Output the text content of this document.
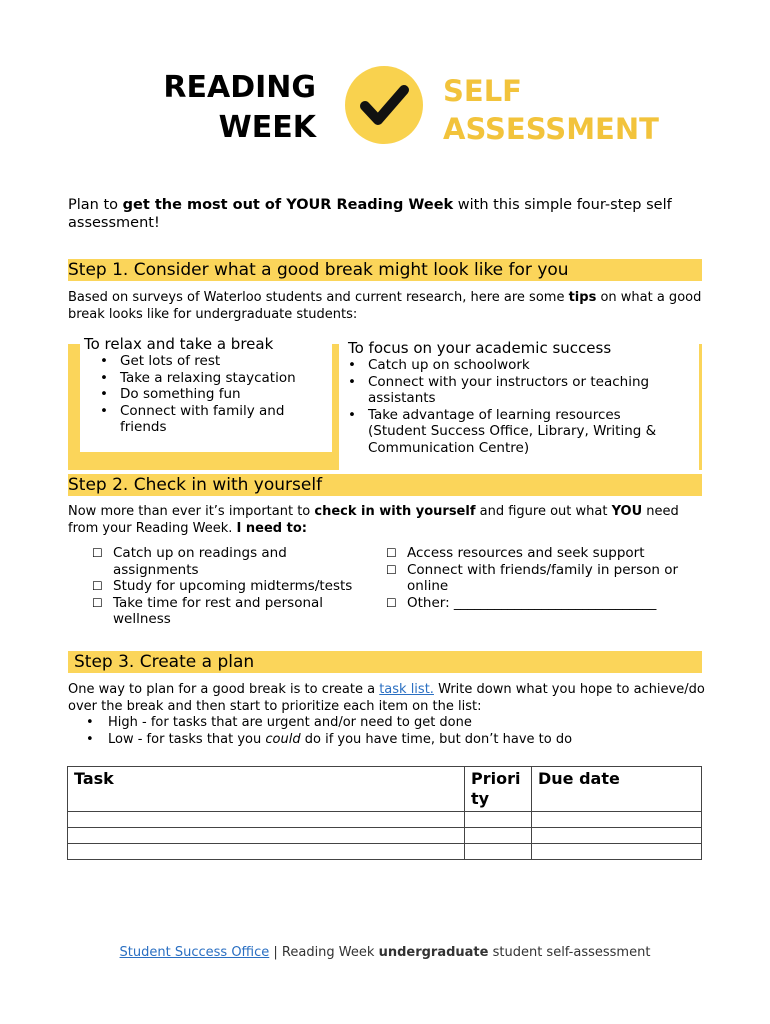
READING
WEEK
SELF
ASSESSMENT
Plan to get the most out of YOUR Reading Week with this simple four-step self assessment!
Step 1. Consider what a good break might look like for you
Based on surveys of Waterloo students and current research, here are some tips on what a good break looks like for undergraduate students:
To relax and take a break
• Get lots of rest
• Take a relaxing staycation
• Do something fun
• Connect with family and friends
To focus on your academic success
• Catch up on schoolwork
• Connect with your instructors or teaching assistants
• Take advantage of learning resources (Student Success Office, Library, Writing & Communication Centre)
Step 2. Check in with yourself
Now more than ever it’s important to check in with yourself and figure out what YOU need from your Reading Week. I need to:
☐ Catch up on readings and assignments
☐ Study for upcoming midterms/tests
☐ Take time for rest and personal wellness
☐ Access resources and seek support
☐ Connect with friends/family in person or online
☐ Other: ______________________________
Step 3. Create a plan
One way to plan for a good break is to create a task list. Write down what you hope to achieve/do over the break and then start to prioritize each item on the list:
• High - for tasks that are urgent and/or need to get done
• Low - for tasks that you could do if you have time, but don’t have to do
Task	Priority	Due date

Student Success Office | Reading Week undergraduate student self-assessment
